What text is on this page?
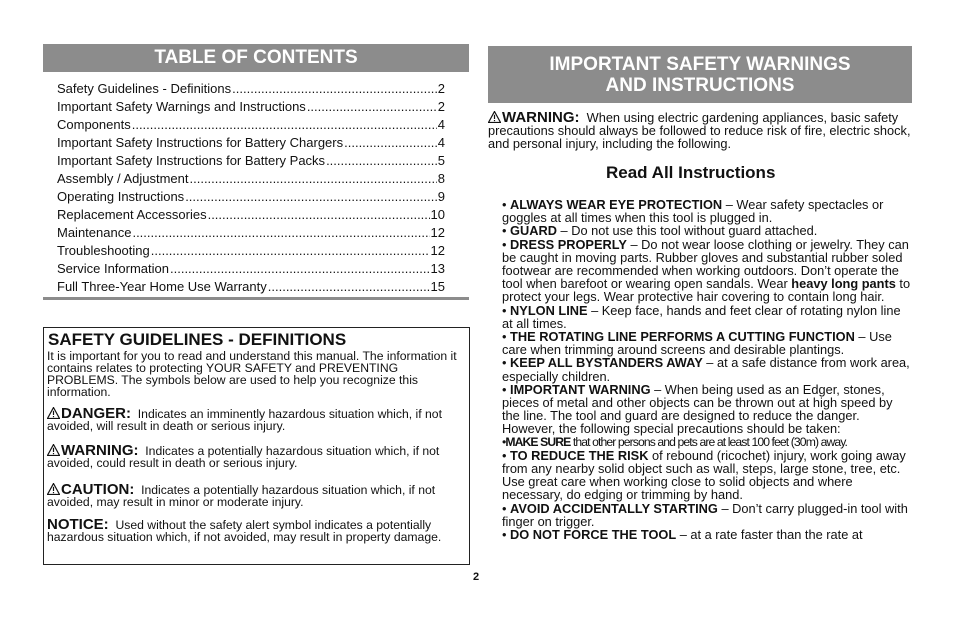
TABLE OF CONTENTS
Safety Guidelines - Definitions .....	2
Important Safety Warnings and Instructions .....	2
Components .....	4
Important Safety Instructions for Battery Chargers .....	4
Important Safety Instructions for Battery Packs .....	5
Assembly / Adjustment .....	8
Operating Instructions .....	9
Replacement Accessories .....	10
Maintenance .....	12
Troubleshooting .....	12
Service Information .....	13
Full Three-Year Home Use Warranty .....	15
SAFETY GUIDELINES - DEFINITIONS
It is important for you to read and understand this manual. The information it contains relates to protecting YOUR SAFETY and PREVENTING PROBLEMS. The symbols below are used to help you recognize this information.
DANGER: Indicates an imminently hazardous situation which, if not avoided, will result in death or serious injury.
WARNING: Indicates a potentially hazardous situation which, if not avoided, could result in death or serious injury.
CAUTION: Indicates a potentially hazardous situation which, if not avoided, may result in minor or moderate injury.
NOTICE: Used without the safety alert symbol indicates a potentially hazardous situation which, if not avoided, may result in property damage.
IMPORTANT SAFETY WARNINGS
AND INSTRUCTIONS
WARNING: When using electric gardening appliances, basic safety precautions should always be followed to reduce risk of fire, electric shock, and personal injury, including the following.
Read All Instructions

• ALWAYS WEAR EYE PROTECTION – Wear safety spectacles or goggles at all times when this tool is plugged in.

• GUARD – Do not use this tool without guard attached.

• DRESS PROPERLY – Do not wear loose clothing or jewelry. They can be caught in moving parts. Rubber gloves and substantial rubber soled footwear are recommended when working outdoors. Don’t operate the tool when barefoot or wearing open sandals. Wear heavy long pants to protect your legs. Wear protective hair covering to contain long hair.

• NYLON LINE – Keep face, hands and feet clear of rotating nylon line at all times.

• THE ROTATING LINE PERFORMS A CUTTING FUNCTION – Use care when trimming around screens and desirable plantings.

• KEEP ALL BYSTANDERS AWAY – at a safe distance from work area, especially children.

• IMPORTANT WARNING – When being used as an Edger, stones, pieces of metal and other objects can be thrown out at high speed by the line. The tool and guard are designed to reduce the danger. However, the following special precautions should be taken:

•MAKE SURE that other persons and pets are at least 100 feet (30m) away.

• TO REDUCE THE RISK of rebound (ricochet) injury, work going away from any nearby solid object such as wall, steps, large stone, tree, etc. Use great care when working close to solid objects and where necessary, do edging or trimming by hand.

• AVOID ACCIDENTALLY STARTING – Don’t carry plugged-in tool with finger on trigger.

• DO NOT FORCE THE TOOL – at a rate faster than the rate at

2
